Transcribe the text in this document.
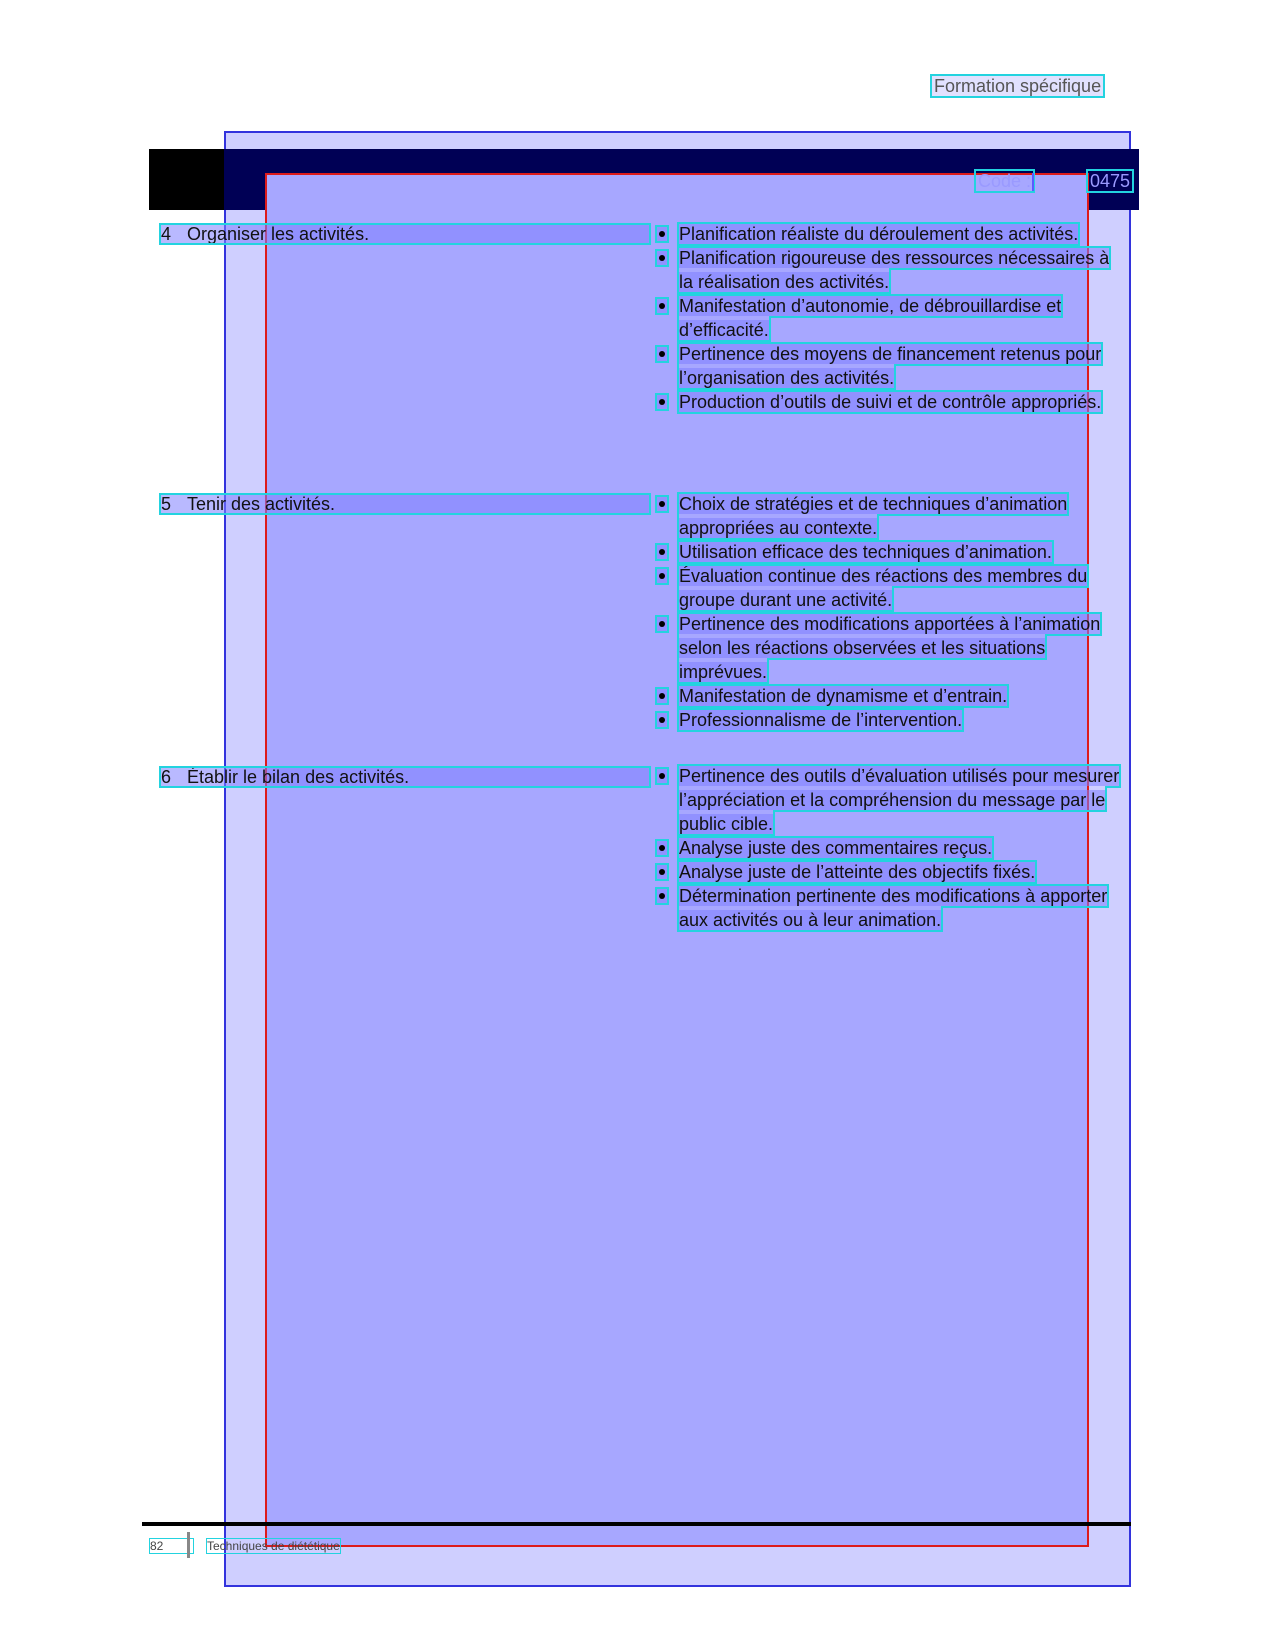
Formation spécifique
Code :	0475
4 Organiser les activités.	Planification réaliste du déroulement des activités.

Planification rigoureuse des ressources nécessaires à la réalisation des activités.

Manifestation d’autonomie, de débrouillardise et d’efficacité.

Pertinence des moyens de financement retenus pour l’organisation des activités.

Production d’outils de suivi et de contrôle appropriés.

5 Tenir des activités.	Choix de stratégies et de techniques d’animation appropriées au contexte.

Utilisation efficace des techniques d’animation.

Évaluation continue des réactions des membres du groupe durant une activité.

Pertinence des modifications apportées à l’animation selon les réactions observées et les situations imprévues.

Manifestation de dynamisme et d’entrain.

Professionnalisme de l’intervention.

6 Établir le bilan des activités.	Pertinence des outils d’évaluation utilisés pour mesurer l’appréciation et la compréhension du message par le public cible.

Analyse juste des commentaires reçus.

Analyse juste de l’atteinte des objectifs fixés.

Détermination pertinente des modifications à apporter aux activités ou à leur animation.

82	Techniques de diététique
